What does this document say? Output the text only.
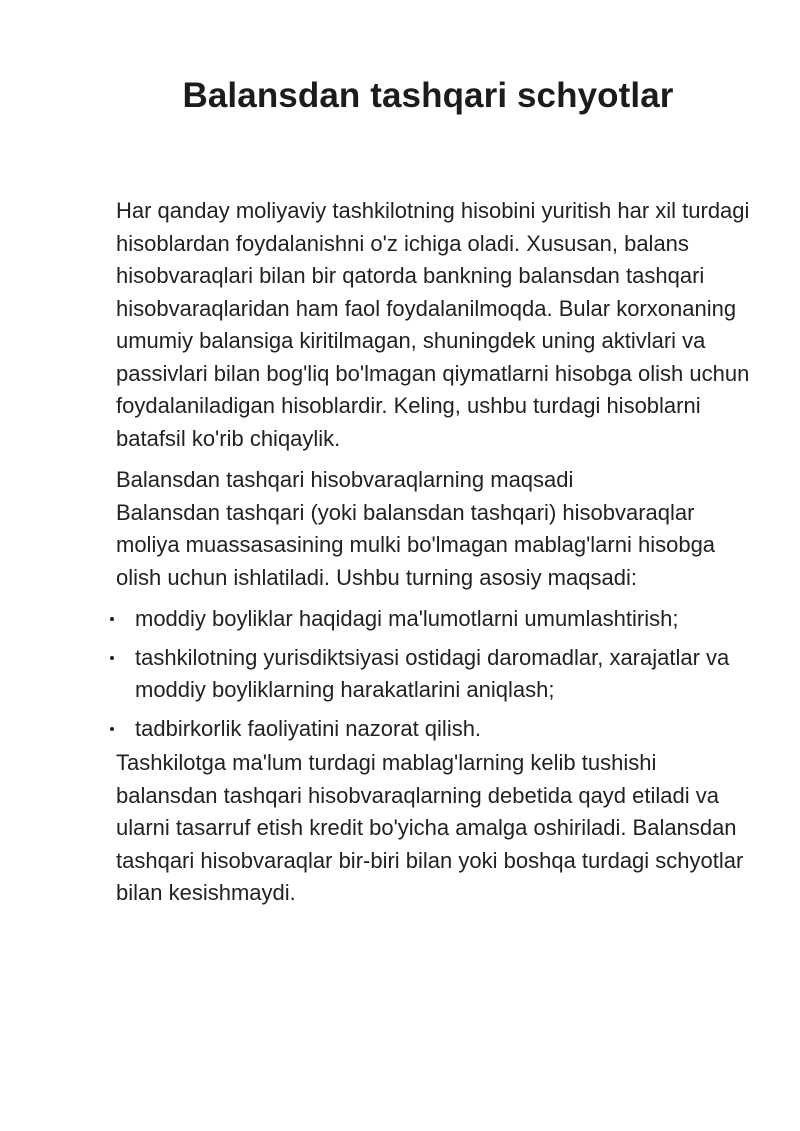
Balansdan tashqari schyotlar

Har qanday moliyaviy tashkilotning hisobini yuritish har xil turdagi hisoblardan foydalanishni o'z ichiga oladi. Xususan, balans hisobvaraqlari bilan bir qatorda bankning balansdan tashqari hisobvaraqlaridan ham faol foydalanilmoqda. Bular korxonaning umumiy balansiga kiritilmagan, shuningdek uning aktivlari va passivlari bilan bog'liq bo'lmagan qiymatlarni hisobga olish uchun foydalaniladigan hisoblardir. Keling, ushbu turdagi hisoblarni batafsil ko'rib chiqaylik.

Balansdan tashqari hisobvaraqlarning maqsadi
Balansdan tashqari (yoki balansdan tashqari) hisobvaraqlar moliya muassasasining mulki bo'lmagan mablag'larni hisobga olish uchun ishlatiladi. Ushbu turning asosiy maqsadi:

moddiy boyliklar haqidagi ma'lumotlarni umumlashtirish;
tashkilotning yurisdiktsiyasi ostidagi daromadlar, xarajatlar va moddiy boyliklarning harakatlarini aniqlash;
tadbirkorlik faoliyatini nazorat qilish.

Tashkilotga ma'lum turdagi mablag'larning kelib tushishi balansdan tashqari hisobvaraqlarning debetida qayd etiladi va ularni tasarruf etish kredit bo'yicha amalga oshiriladi. Balansdan tashqari hisobvaraqlar bir-biri bilan yoki boshqa turdagi schyotlar bilan kesishmaydi.
